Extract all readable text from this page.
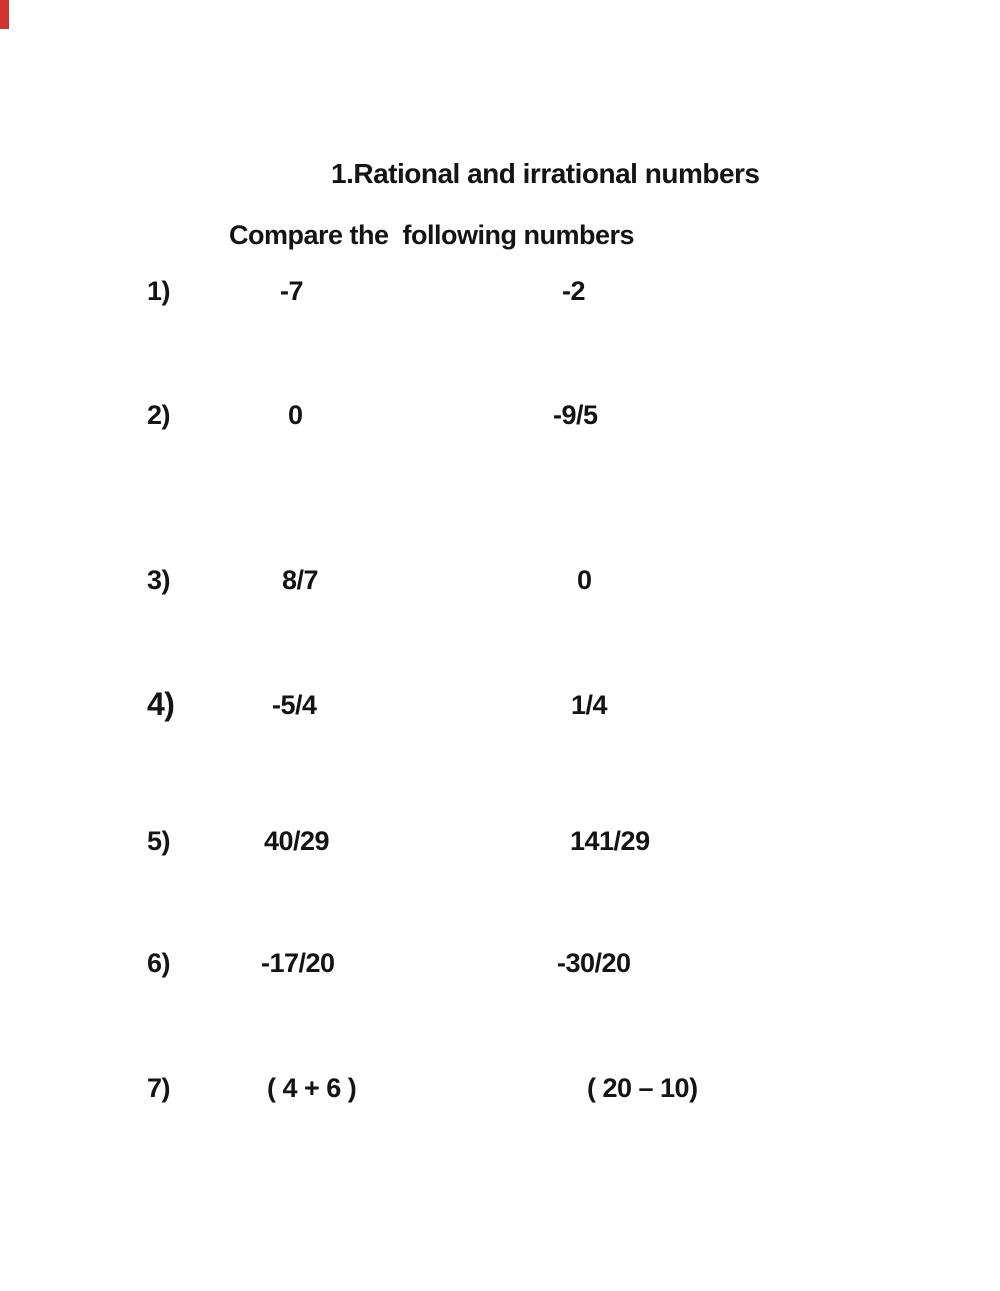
1.Rational and irrational numbers
Compare the  following numbers
1)	-7	-2
2)	0	-9/5
3)	8/7	0
4)	-5/4	1/4
5)	40/29	141/29
6)	-17/20	-30/20
7)	( 4 + 6 )	( 20 – 10)
